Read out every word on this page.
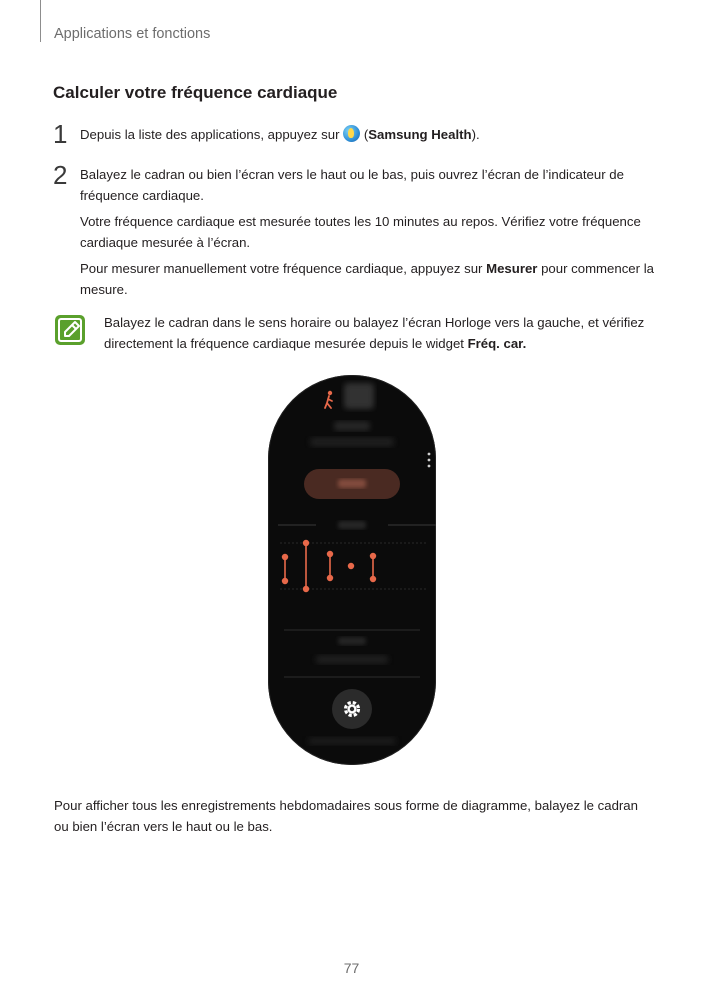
Applications et fonctions
Calculer votre fréquence cardiaque
1 Depuis la liste des applications, appuyez sur  (Samsung Health).
2 Balayez le cadran ou bien l’écran vers le haut ou le bas, puis ouvrez l’écran de l’indicateur de fréquence cardiaque.
Votre fréquence cardiaque est mesurée toutes les 10 minutes au repos. Vérifiez votre fréquence cardiaque mesurée à l’écran.
Pour mesurer manuellement votre fréquence cardiaque, appuyez sur Mesurer pour commencer la mesure.
Balayez le cadran dans le sens horaire ou balayez l’écran Horloge vers la gauche, et vérifiez directement la fréquence cardiaque mesurée depuis le widget Fréq. car.
Pour afficher tous les enregistrements hebdomadaires sous forme de diagramme, balayez le cadran ou bien l’écran vers le haut ou le bas.
77
